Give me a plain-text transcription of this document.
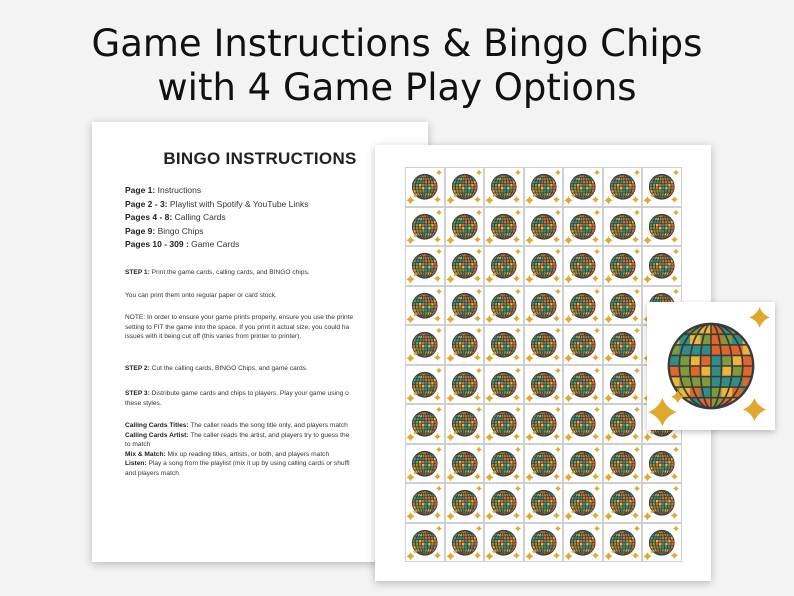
Game Instructions & Bingo Chips
with 4 Game Play Options
BINGO INSTRUCTIONS
Page 1: Instructions
Page 2 - 3: Playlist with Spotify & YouTube Links
Pages 4 - 8: Calling Cards
Page 9: Bingo Chips
Pages 10 - 309 : Game Cards
STEP 1: Print the game cards, calling cards, and BINGO chips.
You can print them onto regular paper or card stock.
NOTE: In order to ensure your game prints properly, ensure you use the printe
setting to FIT the game into the space. If you print it actual size, you could ha
issues with it being cut off (this varies from printer to printer).
STEP 2: Cut the calling cards, BINGO Chips, and game cards.
STEP 3: Distribute game cards and chips to players. Play your game using o
these styles.
Calling Cards Titles: The caller reads the song title only, and players match
Calling Cards Artist: The caller reads the artist, and players try to guess the
to match
Mix & Match: Mix up reading titles, artists, or both, and players match
Listen: Play a song from the playlist (mix it up by using calling cards or shuffl
and players match
